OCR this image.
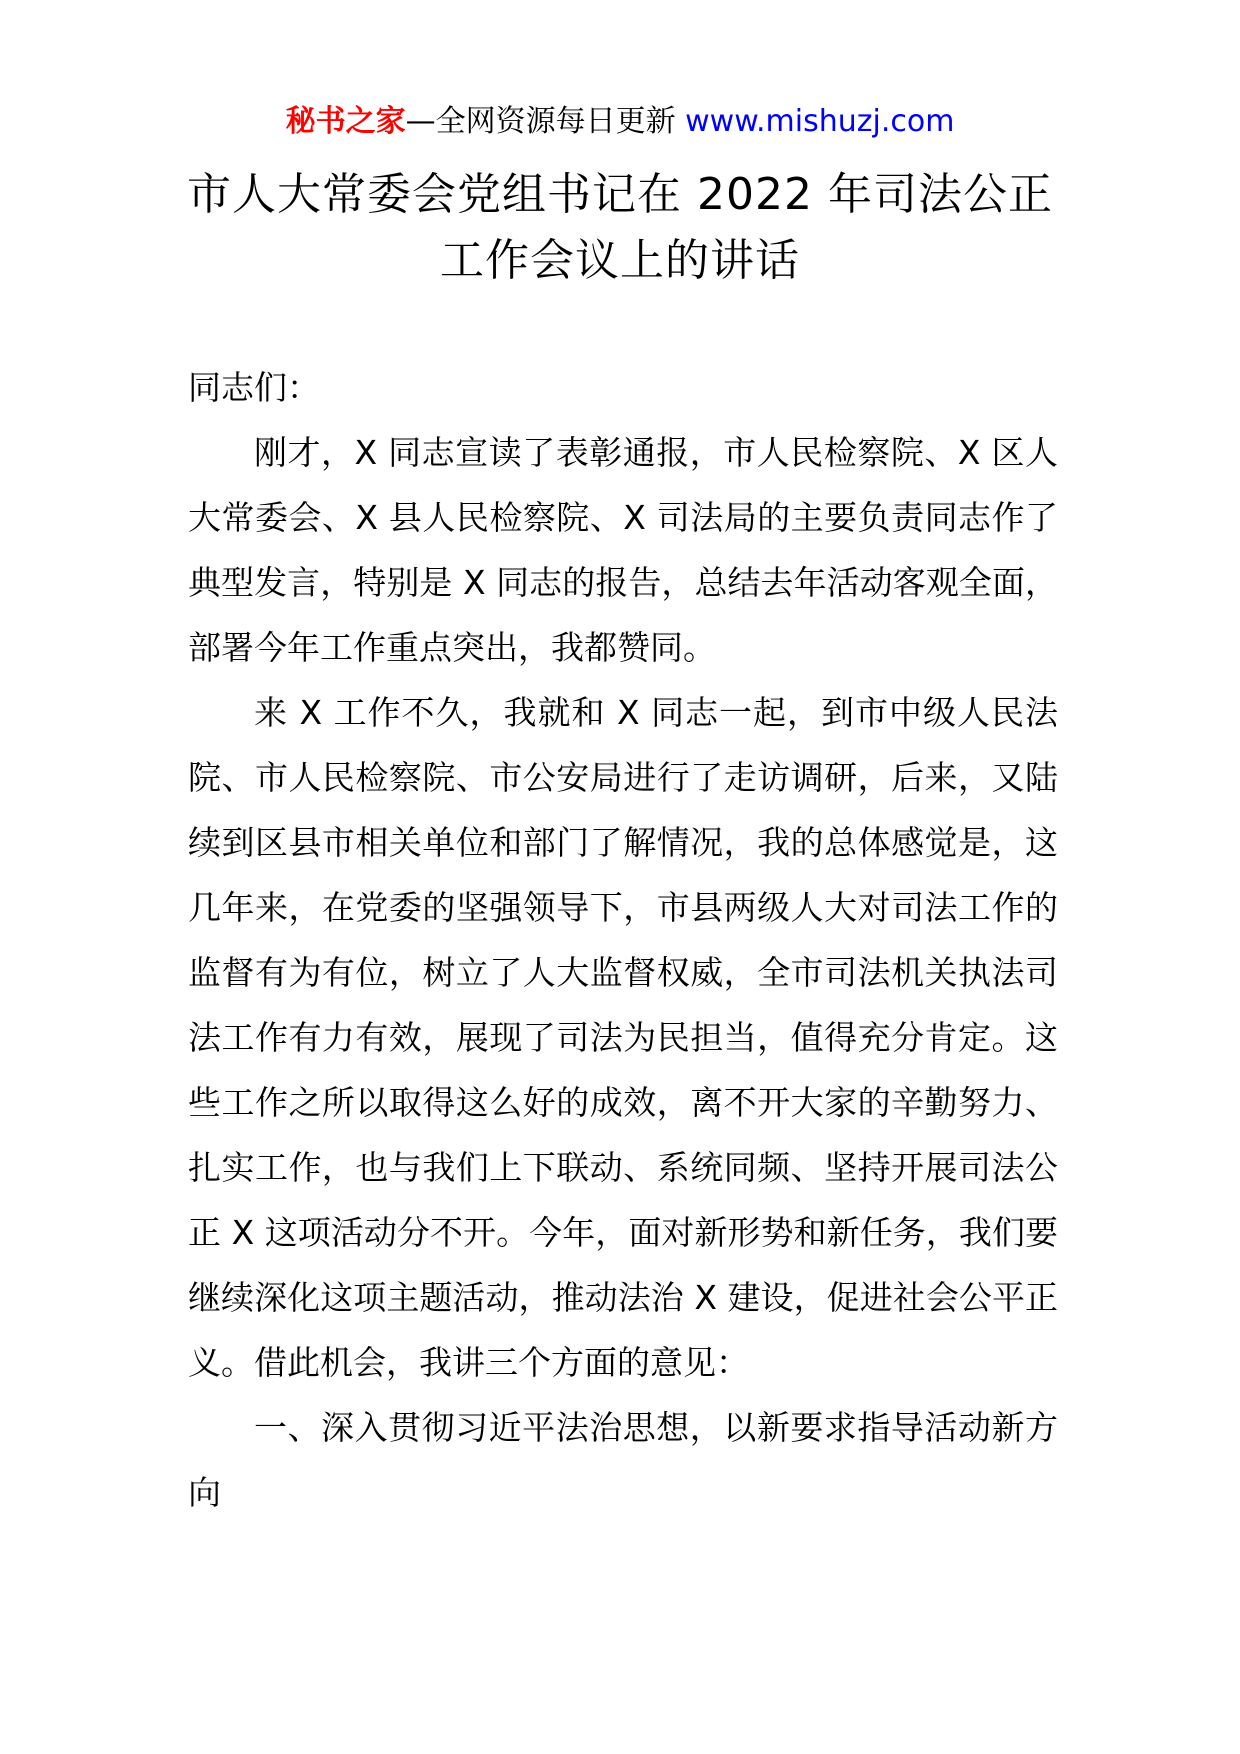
秘书之家—全网资源每日更新 www.mishuzj.com
市人大常委会党组书记在 2022 年司法公正
工作会议上的讲话
同志们：

刚才，X 同志宣读了表彰通报，市人民检察院、X 区人大常委会、X 县人民检察院、X 司法局的主要负责同志作了典型发言，特别是 X 同志的报告，总结去年活动客观全面，部署今年工作重点突出，我都赞同。

来 X 工作不久，我就和 X 同志一起，到市中级人民法院、市人民检察院、市公安局进行了走访调研，后来，又陆续到区县市相关单位和部门了解情况，我的总体感觉是，这几年来，在党委的坚强领导下，市县两级人大对司法工作的监督有为有位，树立了人大监督权威，全市司法机关执法司法工作有力有效，展现了司法为民担当，值得充分肯定。这些工作之所以取得这么好的成效，离不开大家的辛勤努力、扎实工作，也与我们上下联动、系统同频、坚持开展司法公正 X 这项活动分不开。今年，面对新形势和新任务，我们要继续深化这项主题活动，推动法治 X 建设，促进社会公平正义。借此机会，我讲三个方面的意见：

一、深入贯彻习近平法治思想，以新要求指导活动新方向
